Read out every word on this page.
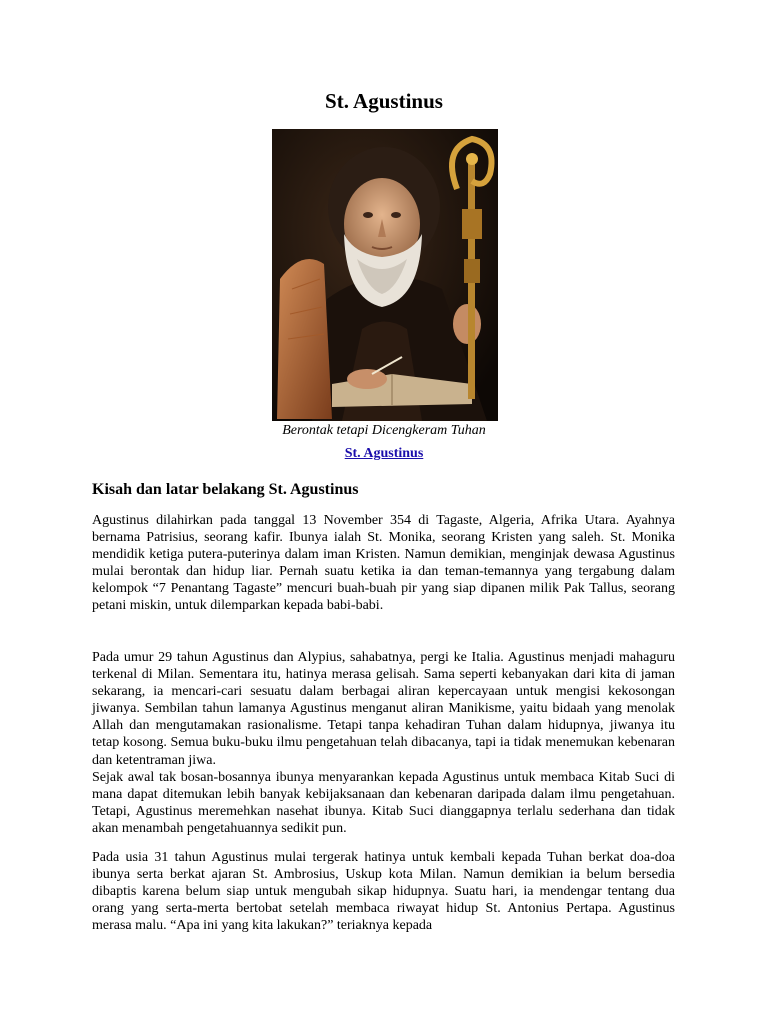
St. Agustinus
Berontak tetapi Dicengkeram Tuhan
St. Agustinus
Kisah dan latar belakang St. Agustinus

Agustinus dilahirkan pada tanggal 13 November 354 di Tagaste, Algeria, Afrika Utara. Ayahnya bernama Patrisius, seorang kafir. Ibunya ialah St. Monika, seorang Kristen yang saleh. St. Monika mendidik ketiga putera-puterinya dalam iman Kristen. Namun demikian, menginjak dewasa Agustinus mulai berontak dan hidup liar. Pernah suatu ketika ia dan teman-temannya yang tergabung dalam kelompok “7 Penantang Tagaste” mencuri buah-buah pir yang siap dipanen milik Pak Tallus, seorang petani miskin, untuk dilemparkan kepada babi-babi.

Pada umur 29 tahun Agustinus dan Alypius, sahabatnya, pergi ke Italia. Agustinus menjadi mahaguru terkenal di Milan. Sementara itu, hatinya merasa gelisah. Sama seperti kebanyakan dari kita di jaman sekarang, ia mencari-cari sesuatu dalam berbagai aliran kepercayaan untuk mengisi kekosongan jiwanya. Sembilan tahun lamanya Agustinus menganut aliran Manikisme, yaitu bidaah yang menolak Allah dan mengutamakan rasionalisme. Tetapi tanpa kehadiran Tuhan dalam hidupnya, jiwanya itu tetap kosong. Semua buku-buku ilmu pengetahuan telah dibacanya, tapi ia tidak menemukan kebenaran dan ketentraman jiwa.

Sejak awal tak bosan-bosannya ibunya menyarankan kepada Agustinus untuk membaca Kitab Suci di mana dapat ditemukan lebih banyak kebijaksanaan dan kebenaran daripada dalam ilmu pengetahuan. Tetapi, Agustinus meremehkan nasehat ibunya. Kitab Suci dianggapnya terlalu sederhana dan tidak akan menambah pengetahuannya sedikit pun.

Pada usia 31 tahun Agustinus mulai tergerak hatinya untuk kembali kepada Tuhan berkat doa-doa ibunya serta berkat ajaran St. Ambrosius, Uskup kota Milan. Namun demikian ia belum bersedia dibaptis karena belum siap untuk mengubah sikap hidupnya. Suatu hari, ia mendengar tentang dua orang yang serta-merta bertobat setelah membaca riwayat hidup St. Antonius Pertapa. Agustinus merasa malu. “Apa ini yang kita lakukan?” teriaknya kepada
